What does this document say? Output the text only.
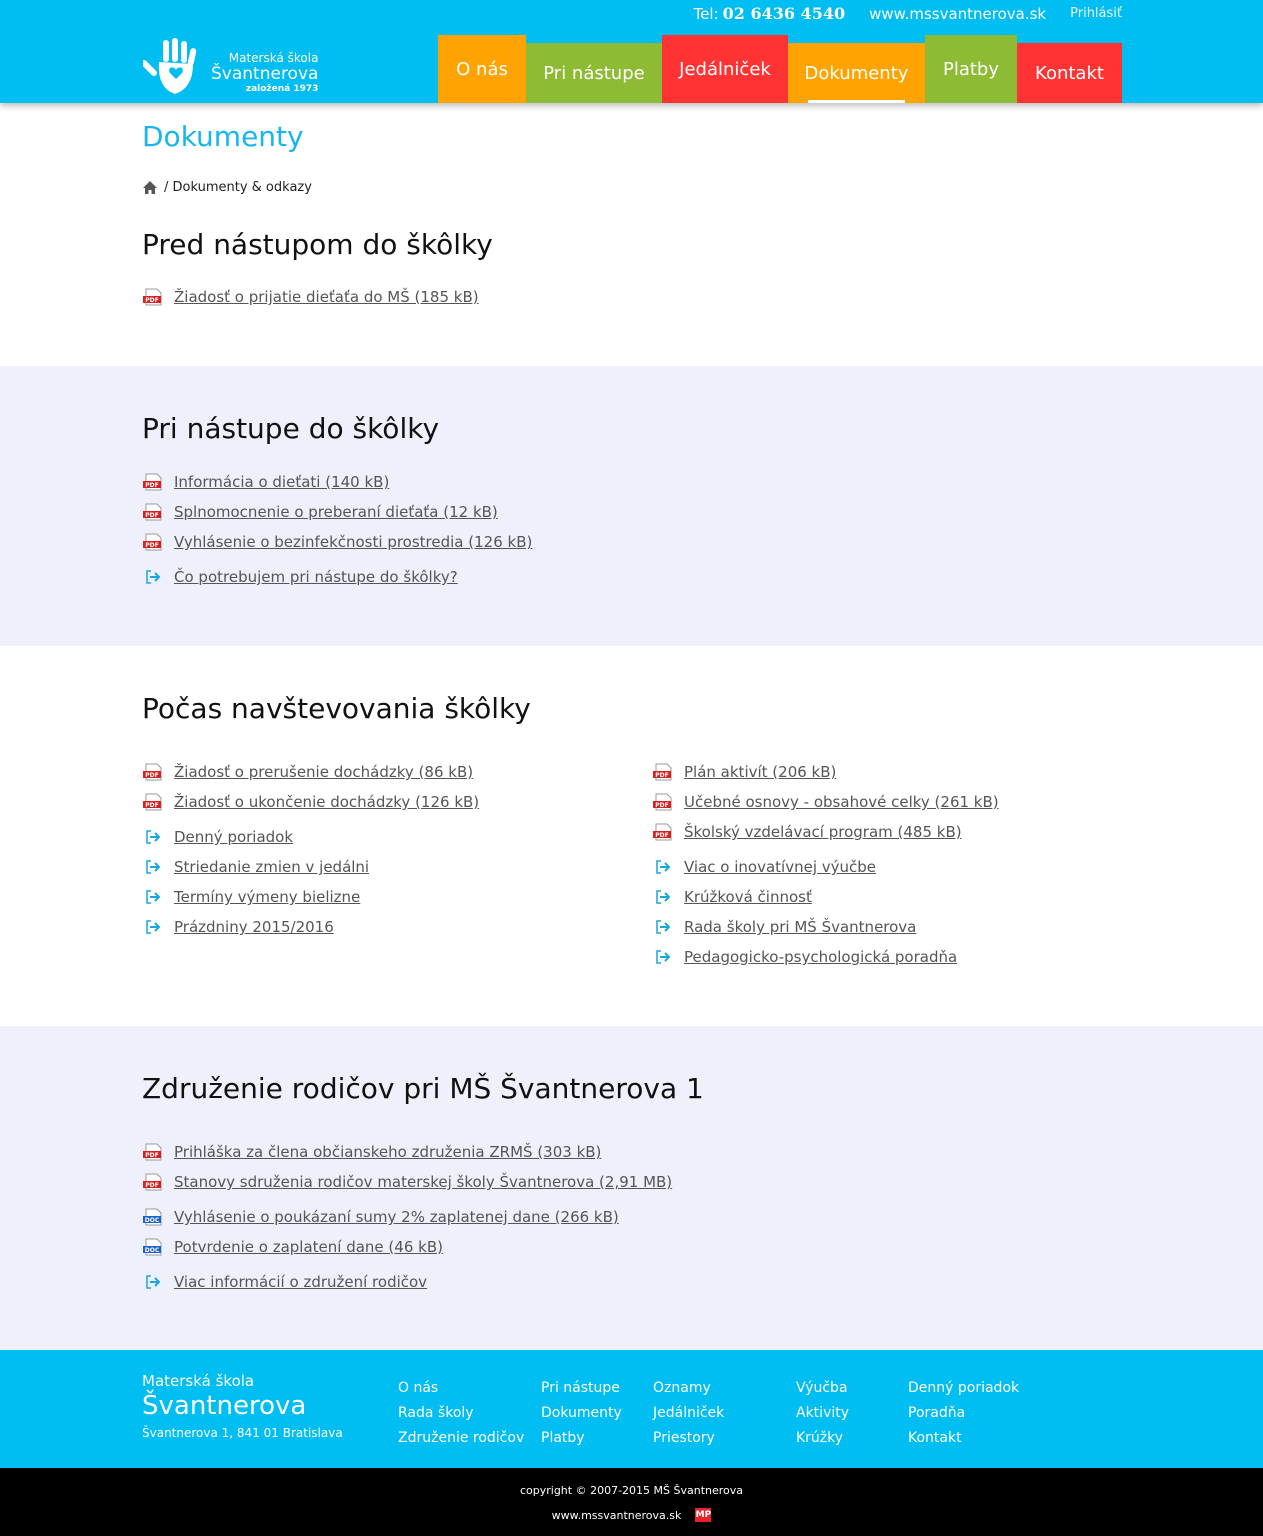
Tel: 02 6436 4540 www.mssvantnerova.sk Prihlásiť
Materská škola
Švantnerova
založená 1973
O nás Pri nástupe Jedálniček Dokumenty Platby Kontakt
Dokumenty
/ Dokumenty & odkazy
Pred nástupom do škôlky
PDF Žiadosť o prijatie dieťaťa do MŠ (185 kB)
Pri nástupe do škôlky
PDF Informácia o dieťati (140 kB)
PDF Splnomocnenie o preberaní dieťaťa (12 kB)
PDF Vyhlásenie o bezinfekčnosti prostredia (126 kB)
Čo potrebujem pri nástupe do škôlky?
Počas navštevovania škôlky
PDF Žiadosť o prerušenie dochádzky (86 kB)
PDF Žiadosť o ukončenie dochádzky (126 kB)
Denný poriadok
Striedanie zmien v jedálni
Termíny výmeny bielizne
Prázdniny 2015/2016
PDF Plán aktivít (206 kB)
PDF Učebné osnovy - obsahové celky (261 kB)
PDF Školský vzdelávací program (485 kB)
Viac o inovatívnej výučbe
Krúžková činnosť
Rada školy pri MŠ Švantnerova
Pedagogicko-psychologická poradňa
Združenie rodičov pri MŠ Švantnerova 1
PDF Prihláška za člena občianskeho združenia ZRMŠ (303 kB)
PDF Stanovy sdruženia rodičov materskej školy Švantnerova (2,91 MB)
DOC Vyhlásenie o poukázaní sumy 2% zaplatenej dane (266 kB)
DOC Potvrdenie o zaplatení dane (46 kB)
Viac informácií o združení rodičov
Materská škola
Švantnerova
Švantnerova 1, 841 01 Bratislava
O nás
Rada školy
Združenie rodičov
Pri nástupe
Dokumenty
Platby
Oznamy
Jedálniček
Priestory
Výučba
Aktivity
Krúžky
Denný poriadok
Poradňa
Kontakt
copyright © 2007-2015 MŠ Švantnerova
www.mssvantnerova.sk MP
